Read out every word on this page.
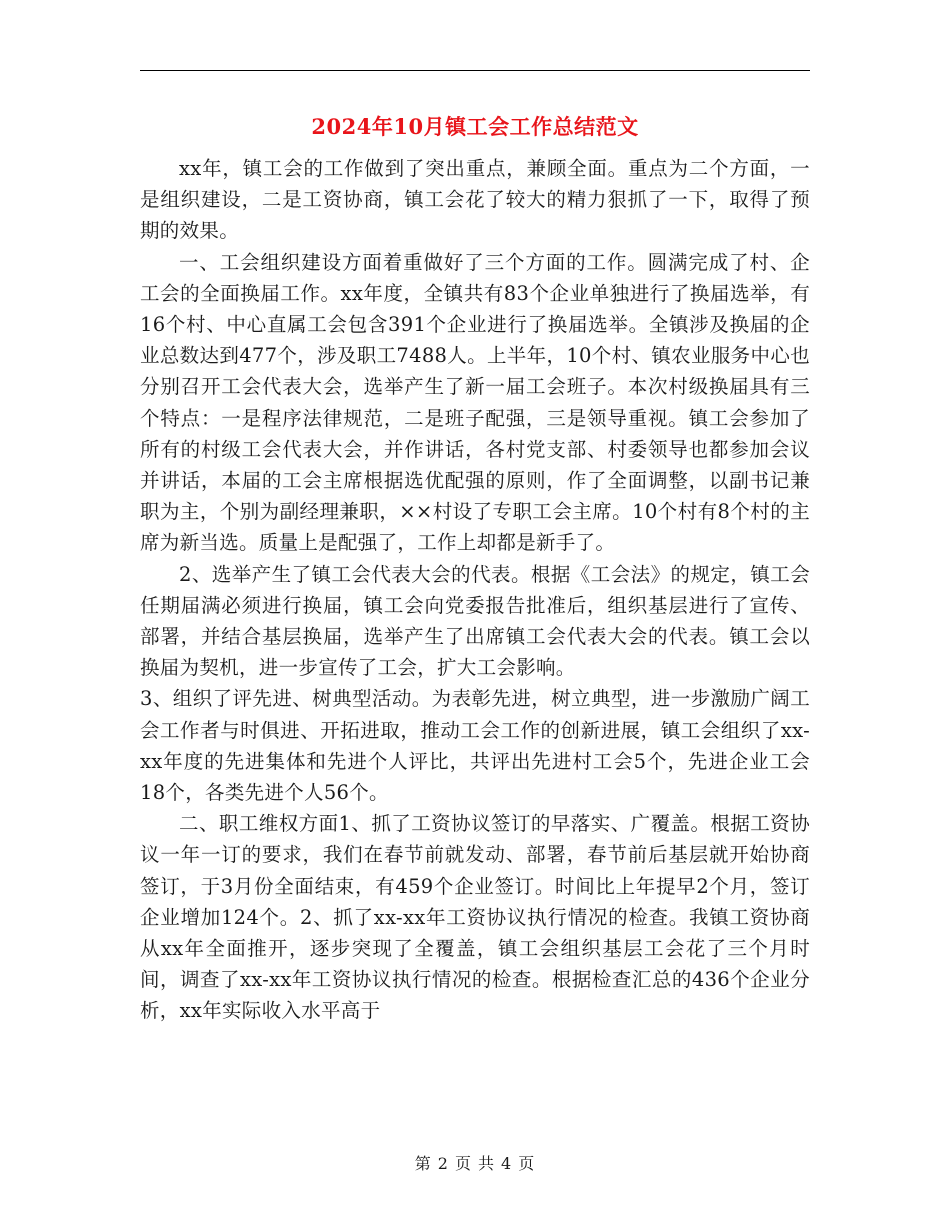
2024年10月镇工会工作总结范文

xx年，镇工会的工作做到了突出重点，兼顾全面。重点为二个方面，一是组织建设，二是工资协商，镇工会花了较大的精力狠抓了一下，取得了预期的效果。

一、工会组织建设方面着重做好了三个方面的工作。圆满完成了村、企工会的全面换届工作。xx年度，全镇共有83个企业单独进行了换届选举，有16个村、中心直属工会包含391个企业进行了换届选举。全镇涉及换届的企业总数达到477个，涉及职工7488人。上半年，10个村、镇农业服务中心也分别召开工会代表大会，选举产生了新一届工会班子。本次村级换届具有三个特点：一是程序法律规范，二是班子配强，三是领导重视。镇工会参加了所有的村级工会代表大会，并作讲话，各村党支部、村委领导也都参加会议并讲话，本届的工会主席根据选优配强的原则，作了全面调整，以副书记兼职为主，个别为副经理兼职，××村设了专职工会主席。10个村有8个村的主席为新当选。质量上是配强了，工作上却都是新手了。

2、选举产生了镇工会代表大会的代表。根据《工会法》的规定，镇工会任期届满必须进行换届，镇工会向党委报告批准后，组织基层进行了宣传、部署，并结合基层换届，选举产生了出席镇工会代表大会的代表。镇工会以换届为契机，进一步宣传了工会，扩大工会影响。

3、组织了评先进、树典型活动。为表彰先进，树立典型，进一步激励广阔工会工作者与时俱进、开拓进取，推动工会工作的创新进展，镇工会组织了xx-xx年度的先进集体和先进个人评比，共评出先进村工会5个，先进企业工会18个，各类先进个人56个。

二、职工维权方面1、抓了工资协议签订的早落实、广覆盖。根据工资协议一年一订的要求，我们在春节前就发动、部署，春节前后基层就开始协商签订，于3月份全面结束，有459个企业签订。时间比上年提早2个月，签订企业增加124个。2、抓了xx-xx年工资协议执行情况的检查。我镇工资协商从xx年全面推开，逐步突现了全覆盖，镇工会组织基层工会花了三个月时间，调查了xx-xx年工资协议执行情况的检查。根据检查汇总的436个企业分析，xx年实际收入水平高于

第 2 页 共 4 页
